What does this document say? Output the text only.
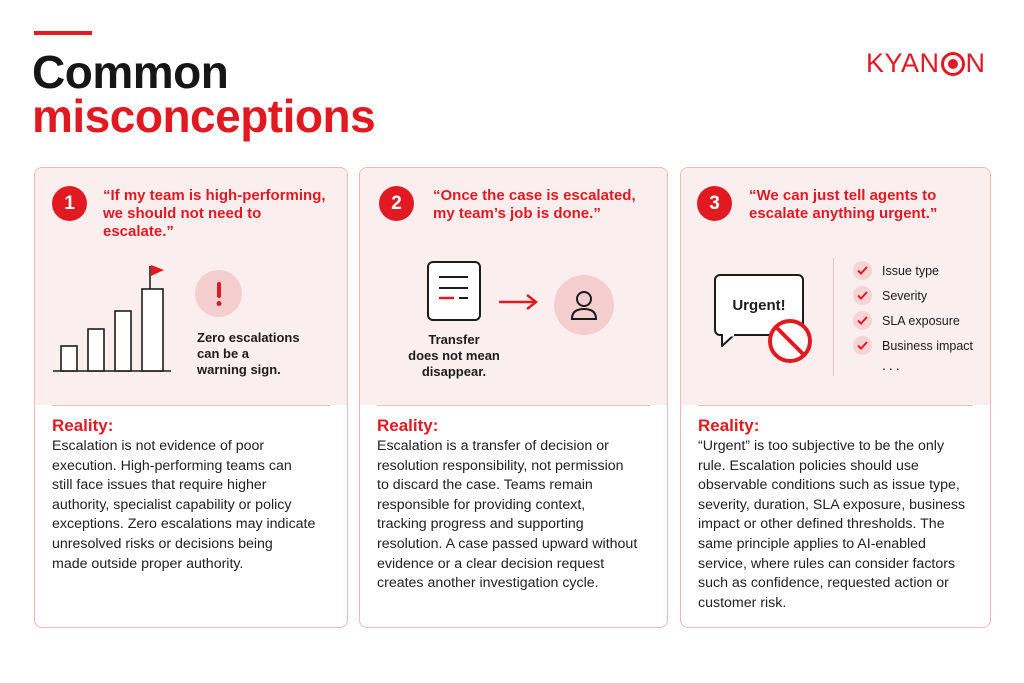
Common
misconceptions
KYAN N
1	“If my team is high-performing,
we should not need to
escalate.”
Zero escalations
can be a
warning sign.
Reality:
Escalation is not evidence of poor
execution. High-performing teams can
still face issues that require higher
authority, specialist capability or policy
exceptions. Zero escalations may indicate
unresolved risks or decisions being
made outside proper authority.
2	“Once the case is escalated,
my team’s job is done.”
Transfer
does not mean
disappear.
Reality:
Escalation is a transfer of decision or
resolution responsibility, not permission
to discard the case. Teams remain
responsible for providing context,
tracking progress and supporting
resolution. A case passed upward without
evidence or a clear decision request
creates another investigation cycle.
3	“We can just tell agents to
escalate anything urgent.”
Urgent!
Issue type
Severity
SLA exposure
Business impact
...
Reality:
“Urgent” is too subjective to be the only
rule. Escalation policies should use
observable conditions such as issue type,
severity, duration, SLA exposure, business
impact or other defined thresholds. The
same principle applies to AI-enabled
service, where rules can consider factors
such as confidence, requested action or
customer risk.
